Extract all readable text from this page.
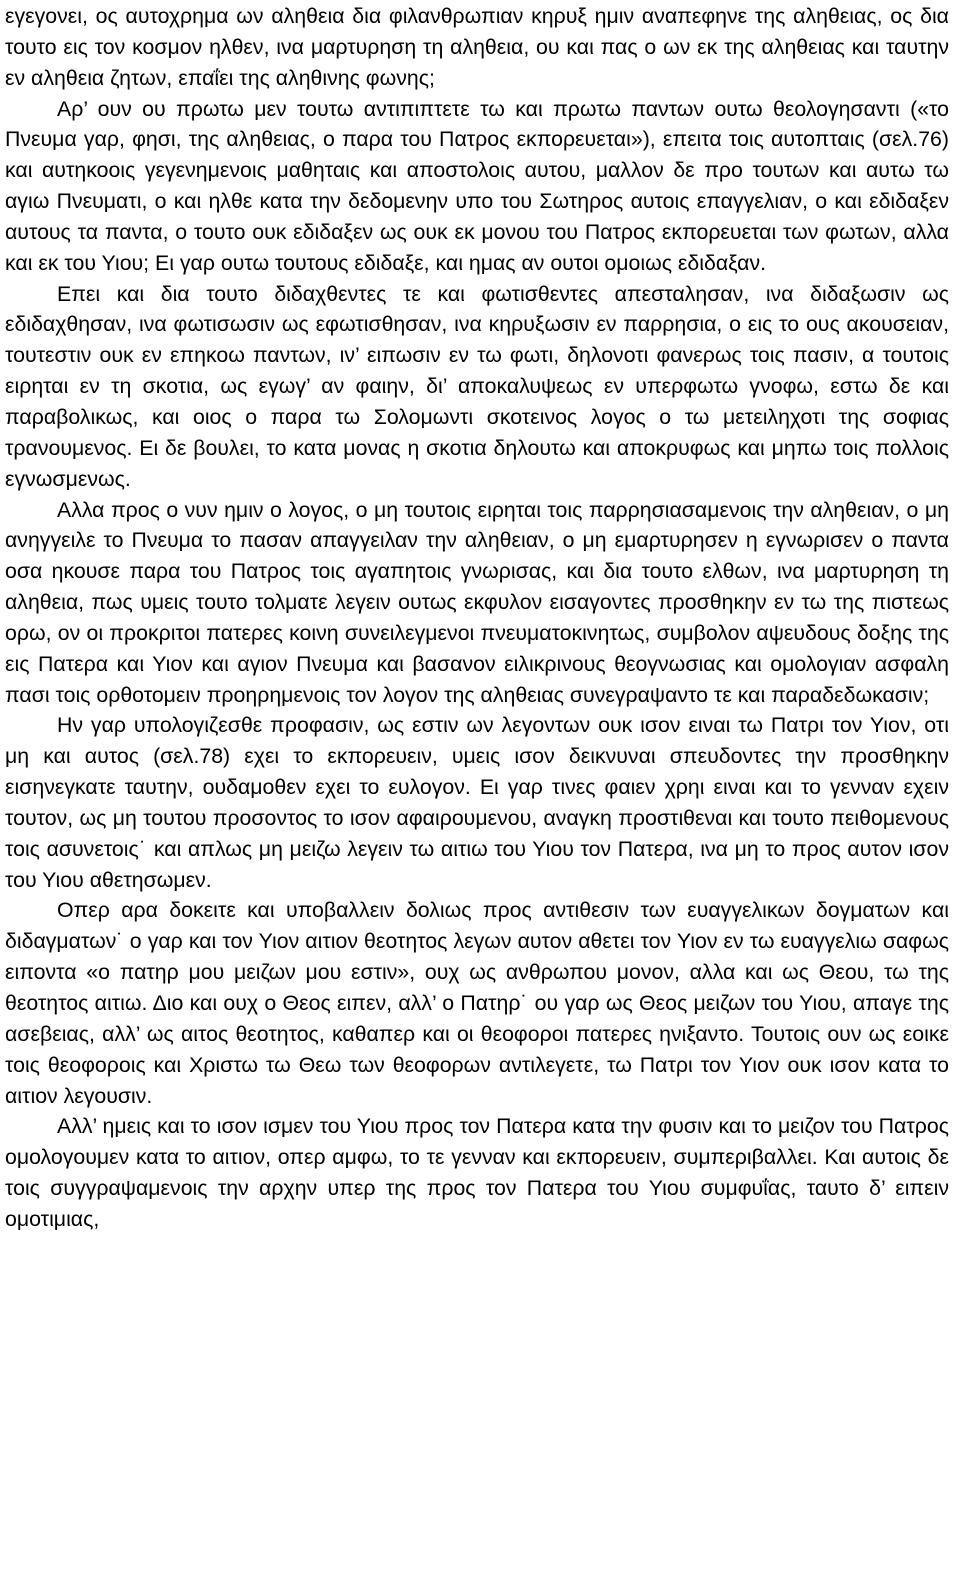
εγεγονει, ος αυτοχρημα ων αληθεια δια φιλανθρωπιαν κηρυξ ημιν αναπεφηνε της αληθειας, ος δια τουτο εις τον κοσμον ηλθεν, ινα μαρτυρηση τη αληθεια, ου και πας ο ων εκ της αληθειας και ταυτην εν αληθεια ζητων, επαΐει της αληθινης φωνης;

Αρ’ ουν ου πρωτω μεν τουτω αντιπιπτετε τω και πρωτω παντων ουτω θεολογησαντι («το Πνευμα γαρ, φησι, της αληθειας, ο παρα του Πατρος εκπορευεται»), επειτα τοις αυτοπταις (σελ.76) και αυτηκοοις γεγενημενοις μαθηταις και αποστολοις αυτου, μαλλον δε προ τουτων και αυτω τω αγιω Πνευματι, ο και ηλθε κατα την δεδομενην υπο του Σωτηρος αυτοις επαγγελιαν, ο και εδιδαξεν αυτους τα παντα, ο τουτο ουκ εδιδαξεν ως ουκ εκ μονου του Πατρος εκπορευεται των φωτων, αλλα και εκ του Υιου; Ει γαρ ουτω τουτους εδιδαξε, και ημας αν ουτοι ομοιως εδιδαξαν.

Επει και δια τουτο διδαχθεντες τε και φωτισθεντες απεσταλησαν, ινα διδαξωσιν ως εδιδαχθησαν, ινα φωτισωσιν ως εφωτισθησαν, ινα κηρυξωσιν εν παρρησια, ο εις το ους ακουσειαν, τουτεστιν ουκ εν επηκοω παντων, ιν’ ειπωσιν εν τω φωτι, δηλονοτι φανερως τοις πασιν, α τουτοις ειρηται εν τη σκοτια, ως εγωγ’ αν φαιην, δι’ αποκαλυψεως εν υπερφωτω γνοφω, εστω δε και παραβολικως, και οιος ο παρα τω Σολομωντι σκοτεινος λογος ο τω μετειληχοτι της σοφιας τρανουμενος. Ει δε βουλει, το κατα μονας η σκοτια δηλουτω και αποκρυφως και μηπω τοις πολλοις εγνωσμενως.

Αλλα προς ο νυν ημιν ο λογος, ο μη τουτοις ειρηται τοις παρρησιασαμενοις την αληθειαν, ο μη ανηγγειλε το Πνευμα το πασαν απαγγειλαν την αληθειαν, ο μη εμαρτυρησεν η εγνωρισεν ο παντα οσα ηκουσε παρα του Πατρος τοις αγαπητοις γνωρισας, και δια τουτο ελθων, ινα μαρτυρηση τη αληθεια, πως υμεις τουτο τολματε λεγειν ουτως εκφυλον εισαγοντες προσθηκην εν τω της πιστεως ορω, ον οι προκριτοι πατερες κοινη συνειλεγμενοι πνευματοκινητως, συμβολον αψευδους δοξης της εις Πατερα και Υιον και αγιον Πνευμα και βασανον ειλικρινους θεογνωσιας και ομολογιαν ασφαλη πασι τοις ορθοτομειν προηρημενοις τον λογον της αληθειας συνεγραψαντο τε και παραδεδωκασιν;

Ην γαρ υπολογιζεσθε προφασιν, ως εστιν ων λεγοντων ουκ ισον ειναι τω Πατρι τον Υιον, οτι μη και αυτος (σελ.78) εχει το εκπορευειν, υμεις ισον δεικνυναι σπευδοντες την προσθηκην εισηνεγκατε ταυτην, ουδαμοθεν εχει το ευλογον. Ει γαρ τινες φαιεν χρηι ειναι και το γενναν εχειν τουτον, ως μη τουτου προσοντος το ισον αφαιρουμενου, αναγκη προστιθεναι και τουτο πειθομενους τοις ασυνετοις˙ και απλως μη μειζω λεγειν τω αιτιω του Υιου τον Πατερα, ινα μη το προς αυτον ισον του Υιου αθετησωμεν.

Οπερ αρα δοκειτε και υποβαλλειν δολιως προς αντιθεσιν των ευαγγελικων δογματων και διδαγματων˙ ο γαρ και τον Υιον αιτιον θεοτητος λεγων αυτον αθετει τον Υιον εν τω ευαγγελιω σαφως ειποντα «ο πατηρ μου μειζων μου εστιν», ουχ ως ανθρωπου μονον, αλλα και ως Θεου, τω της θεοτητος αιτιω. Διο και ουχ ο Θεος ειπεν, αλλ’ ο Πατηρ˙ ου γαρ ως Θεος μειζων του Υιου, απαγε της ασεβειας, αλλ’ ως αιτος θεοτητος, καθαπερ και οι θεοφοροι πατερες ηνιξαντο. Τουτοις ουν ως εοικε τοις θεοφοροις και Χριστω τω Θεω των θεοφορων αντιλεγετε, τω Πατρι τον Υιον ουκ ισον κατα το αιτιον λεγουσιν.

Αλλ’ ημεις και το ισον ισμεν του Υιου προς τον Πατερα κατα την φυσιν και το μειζον του Πατρος ομολογουμεν κατα το αιτιον, οπερ αμφω, το τε γενναν και εκπορευειν, συμπεριβαλλει. Και αυτοις δε τοις συγγραψαμενοις την αρχην υπερ της προς τον Πατερα του Υιου συμφυΐας, ταυτο δ’ ειπειν ομοτιμιας,
